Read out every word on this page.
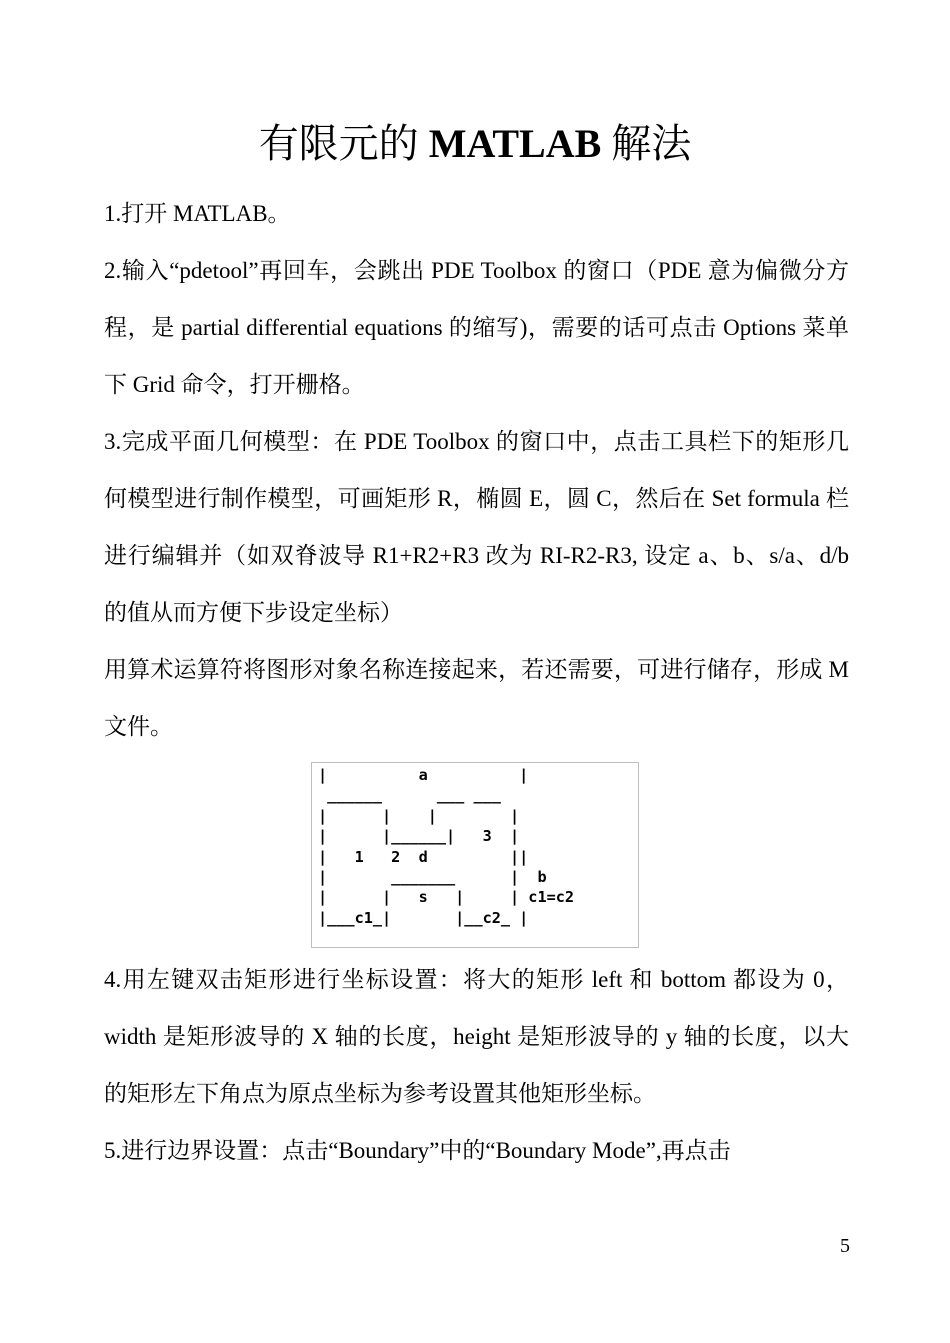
有限元的 MATLAB 解法

1.打开 MATLAB。

2.输入“pdetool”再回车，会跳出 PDE Toolbox 的窗口（PDE 意为偏微分方程，是 partial differential equations 的缩写)，需要的话可点击 Options 菜单下 Grid 命令，打开栅格。

3.完成平面几何模型：在 PDE Toolbox 的窗口中，点击工具栏下的矩形几何模型进行制作模型，可画矩形 R，椭圆 E，圆 C，然后在 Set formula 栏进行编辑并（如双脊波导 R1+R2+R3 改为 RI-R2-R3, 设定 a、b、s/a、d/b 的值从而方便下步设定坐标）

用算术运算符将图形对象名称连接起来，若还需要，可进行储存，形成 M 文件。

|          a          |
______      ___ ___
|      |    |        |
|      |______|   3  |
|   1   2  d         ||
|       _______      |  b
|      |   s   |     | c1=c2
|___c1_|       |__c2_ |

4.用左键双击矩形进行坐标设置：将大的矩形 left 和 bottom 都设为 0，width 是矩形波导的 X 轴的长度，height 是矩形波导的 y 轴的长度，以大的矩形左下角点为原点坐标为参考设置其他矩形坐标。

5.进行边界设置：点击“Boundary”中的“Boundary Mode”,再点击

5
